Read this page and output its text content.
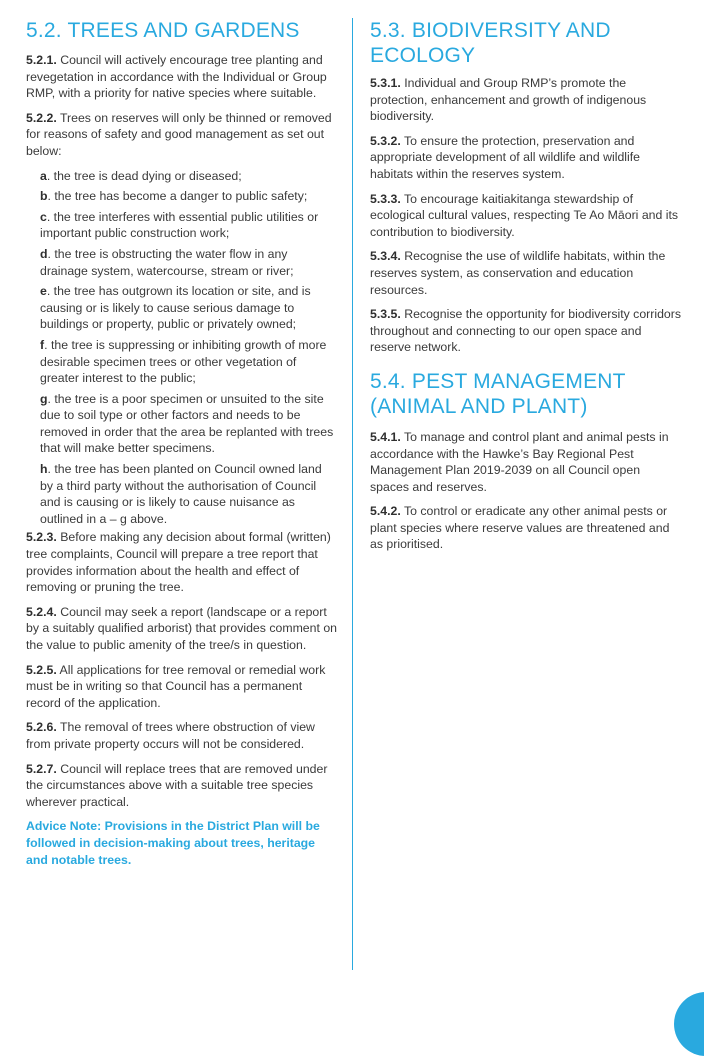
5.2. TREES AND GARDENS

5.2.1. Council will actively encourage tree planting and revegetation in accordance with the Individual or Group RMP, with a priority for native species where suitable.

5.2.2. Trees on reserves will only be thinned or removed for reasons of safety and good management as set out below:

a. the tree is dead dying or diseased;

b. the tree has become a danger to public safety;

c. the tree interferes with essential public utilities or important public construction work;

d. the tree is obstructing the water flow in any drainage system, watercourse, stream or river;

e. the tree has outgrown its location or site, and is causing or is likely to cause serious damage to buildings or property, public or privately owned;

f. the tree is suppressing or inhibiting growth of more desirable specimen trees or other vegetation of greater interest to the public;

g. the tree is a poor specimen or unsuited to the site due to soil type or other factors and needs to be removed in order that the area be replanted with trees that will make better specimens.

h. the tree has been planted on Council owned land by a third party without the authorisation of Council and is causing or is likely to cause nuisance as outlined in a – g above.

5.2.3. Before making any decision about formal (written) tree complaints, Council will prepare a tree report that provides information about the health and effect of removing or pruning the tree.

5.2.4. Council may seek a report (landscape or a report by a suitably qualified arborist) that provides comment on the value to public amenity of the tree/s in question.

5.2.5. All applications for tree removal or remedial work must be in writing so that Council has a permanent record of the application.

5.2.6. The removal of trees where obstruction of view from private property occurs will not be considered.

5.2.7. Council will replace trees that are removed under the circumstances above with a suitable tree species wherever practical.

Advice Note: Provisions in the District Plan will be followed in decision-making about trees, heritage and notable trees.

5.3. BIODIVERSITY AND ECOLOGY

5.3.1. Individual and Group RMP’s promote the protection, enhancement and growth of indigenous biodiversity.

5.3.2. To ensure the protection, preservation and appropriate development of all wildlife and wildlife habitats within the reserves system.

5.3.3. To encourage kaitiakitanga stewardship of ecological cultural values, respecting Te Ao Māori and its contribution to biodiversity.

5.3.4. Recognise the use of wildlife habitats, within the reserves system, as conservation and education resources.

5.3.5. Recognise the opportunity for biodiversity corridors throughout and connecting to our open space and reserve network.

5.4. PEST MANAGEMENT (ANIMAL AND PLANT)

5.4.1. To manage and control plant and animal pests in accordance with the Hawke’s Bay Regional Pest Management Plan 2019-2039 on all Council open spaces and reserves.

5.4.2. To control or eradicate any other animal pests or plant species where reserve values are threatened and as prioritised.
